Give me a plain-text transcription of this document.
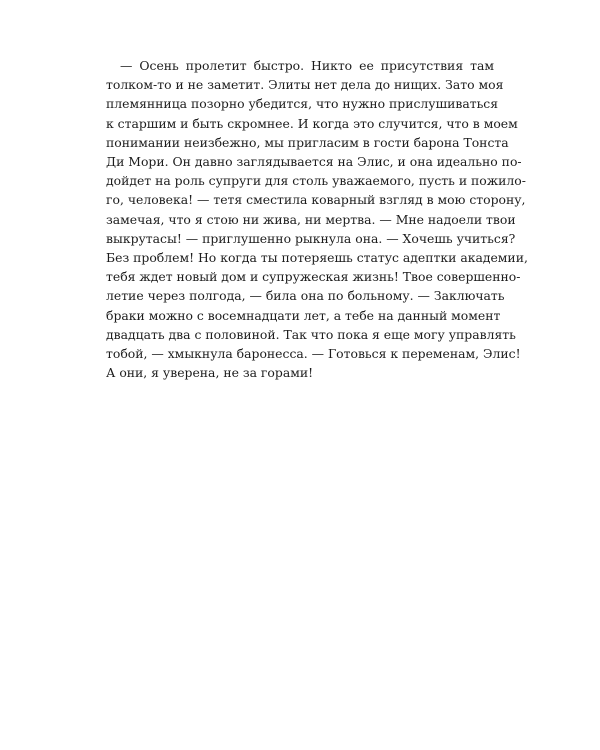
— Осень пролетит быстро. Никто ее присутствия там
толком-то и не заметит. Элиты нет дела до нищих. Зато моя
племянница позорно убедится, что нужно прислушиваться
к старшим и быть скромнее. И когда это случится, что в моем
понимании неизбежно, мы пригласим в гости барона Тонста
Ди Мори. Он давно заглядывается на Элис, и она идеально по-
дойдет на роль супруги для столь уважаемого, пусть и пожило-
го, человека! — тетя сместила коварный взгляд в мою сторону,
замечая, что я стою ни жива, ни мертва. — Мне надоели твои
выкрутасы! — приглушенно рыкнула она. — Хочешь учиться?
Без проблем! Но когда ты потеряешь статус адептки академии,
тебя ждет новый дом и супружеская жизнь! Твое совершенно-
летие через полгода, — била она по больному. — Заключать
браки можно с восемнадцати лет, а тебе на данный момент
двадцать два с половиной. Так что пока я еще могу управлять
тобой, — хмыкнула баронесса. — Готовься к переменам, Элис!
А они, я уверена, не за горами!
